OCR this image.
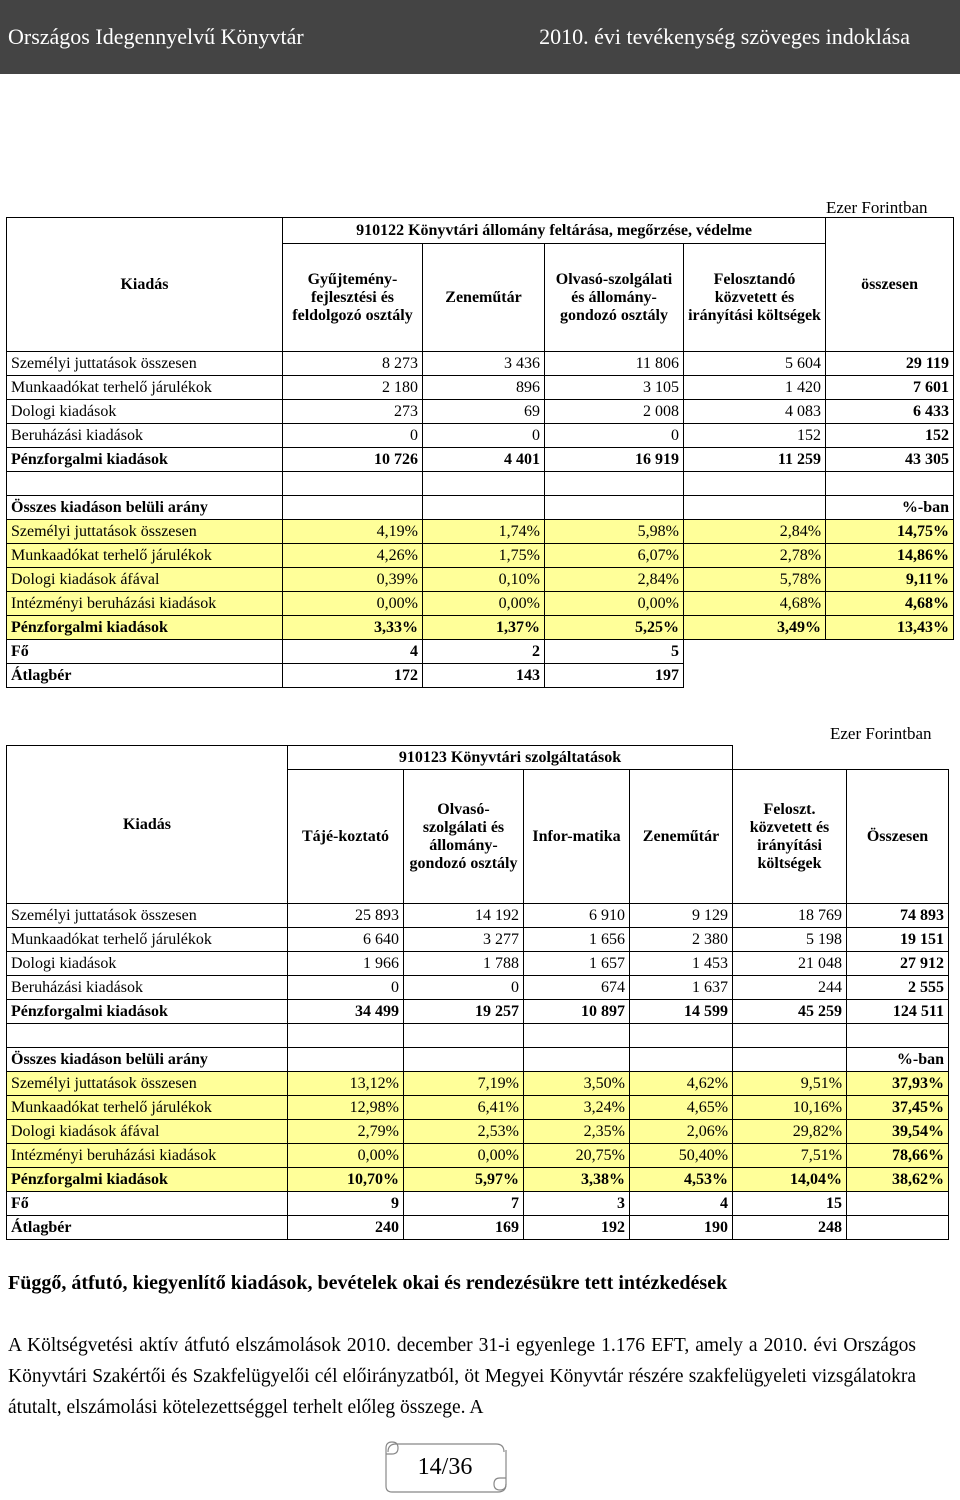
Országos Idegennyelvű Könyvtár	2010. évi tevékenység szöveges indoklása
Ezer Forintban
Kiadás	910122 Könyvtári állomány feltárása, megőrzése, védelme				összesen
	Gyűjtemény-fejlesztési és feldolgozó osztály	Zeneműtár	Olvasó-szolgálati és állomány-gondozó osztály	Felosztandó közvetett és irányítási költségek	
Személyi juttatások összesen	8 273	3 436	11 806	5 604	29 119
Munkaadókat terhelő járulékok	2 180	896	3 105	1 420	7 601
Dologi kiadások	273	69	2 008	4 083	6 433
Beruházási kiadások	0	0	0	152	152
Pénzforgalmi kiadások	10 726	4 401	16 919	11 259	43 305

Összes kiadáson belüli arány					%-ban
Személyi juttatások összesen	4,19%	1,74%	5,98%	2,84%	14,75%
Munkaadókat terhelő járulékok	4,26%	1,75%	6,07%	2,78%	14,86%
Dologi kiadások áfával	0,39%	0,10%	2,84%	5,78%	9,11%
Intézményi beruházási kiadások	0,00%	0,00%	0,00%	4,68%	4,68%
Pénzforgalmi kiadások	3,33%	1,37%	5,25%	3,49%	13,43%
Fő	4	2	5		
Átlagbér	172	143	197		
Ezer Forintban
Kiadás	910123 Könyvtári szolgáltatások					
	Tájé-koztató	Olvasó-szolgálati és állomány-gondozó osztály	Infor-matika	Zeneműtár	Feloszt. közvetett és irányítási költségek	Összesen
Személyi juttatások összesen	25 893	14 192	6 910	9 129	18 769	74 893
Munkaadókat terhelő járulékok	6 640	3 277	1 656	2 380	5 198	19 151
Dologi kiadások	1 966	1 788	1 657	1 453	21 048	27 912
Beruházási kiadások	0	0	674	1 637	244	2 555
Pénzforgalmi kiadások	34 499	19 257	10 897	14 599	45 259	124 511

Összes kiadáson belüli arány						%-ban
Személyi juttatások összesen	13,12%	7,19%	3,50%	4,62%	9,51%	37,93%
Munkaadókat terhelő járulékok	12,98%	6,41%	3,24%	4,65%	10,16%	37,45%
Dologi kiadások áfával	2,79%	2,53%	2,35%	2,06%	29,82%	39,54%
Intézményi beruházási kiadások	0,00%	0,00%	20,75%	50,40%	7,51%	78,66%
Pénzforgalmi kiadások	10,70%	5,97%	3,38%	4,53%	14,04%	38,62%
Fő	9	7	3	4	15	
Átlagbér	240	169	192	190	248	
Függő, átfutó, kiegyenlítő kiadások, bevételek okai és rendezésükre tett intézkedések
A Költségvetési aktív átfutó elszámolások 2010. december 31-i egyenlege 1.176 EFT, amely a 2010. évi Országos Könyvtári Szakértői és Szakfelügyelői cél előirányzatból, öt Megyei Könyvtár részére szakfelügyeleti vizsgálatokra átutalt, elszámolási kötelezettséggel terhelt előleg összege. A
14/36
